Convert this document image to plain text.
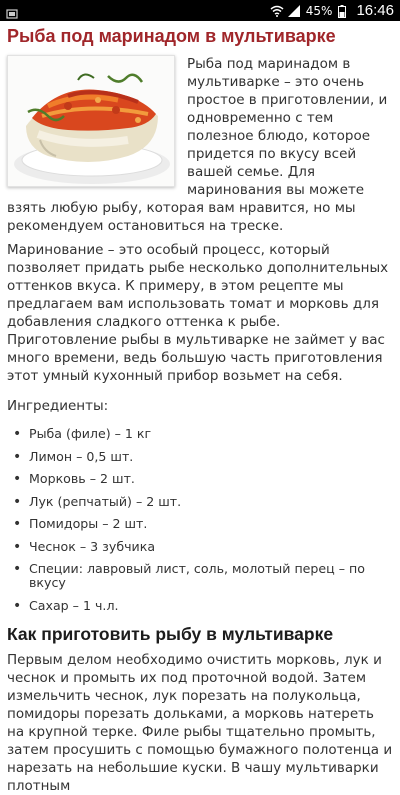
45% 16:46
Рыба под маринадом в мультиварке

Рыба под маринадом в мультиварке – это очень простое в приготовлении, и одновременно с тем полезное блюдо, которое придется по вкусу всей вашей семье. Для маринования вы можете взять любую рыбу, которая вам нравится, но мы рекомендуем остановиться на треске.

Маринование – это особый процесс, который позволяет придать рыбе несколько дополнительных оттенков вкуса. К примеру, в этом рецепте мы предлагаем вам использовать томат и морковь для добавления сладкого оттенка к рыбе. Приготовление рыбы в мультиварке не займет у вас много времени, ведь большую часть приготовления этот умный кухонный прибор возьмет на себя.

Ингредиенты:

• Рыба (филе) – 1 кг
• Лимон – 0,5 шт.
• Морковь – 2 шт.
• Лук (репчатый) – 2 шт.
• Помидоры – 2 шт.
• Чеснок – 3 зубчика
• Специи: лавровый лист, соль, молотый перец – по вкусу
• Сахар – 1 ч.л.
Как приготовить рыбу в мультиварке

Первым делом необходимо очистить морковь, лук и чеснок и промыть их под проточной водой. Затем измельчить чеснок, лук порезать на полукольца, помидоры порезать дольками, а морковь натереть на крупной терке. Филе рыбы тщательно промыть, затем просушить с помощью бумажного полотенца и нарезать на небольшие куски. В чашу мультиварки плотным
